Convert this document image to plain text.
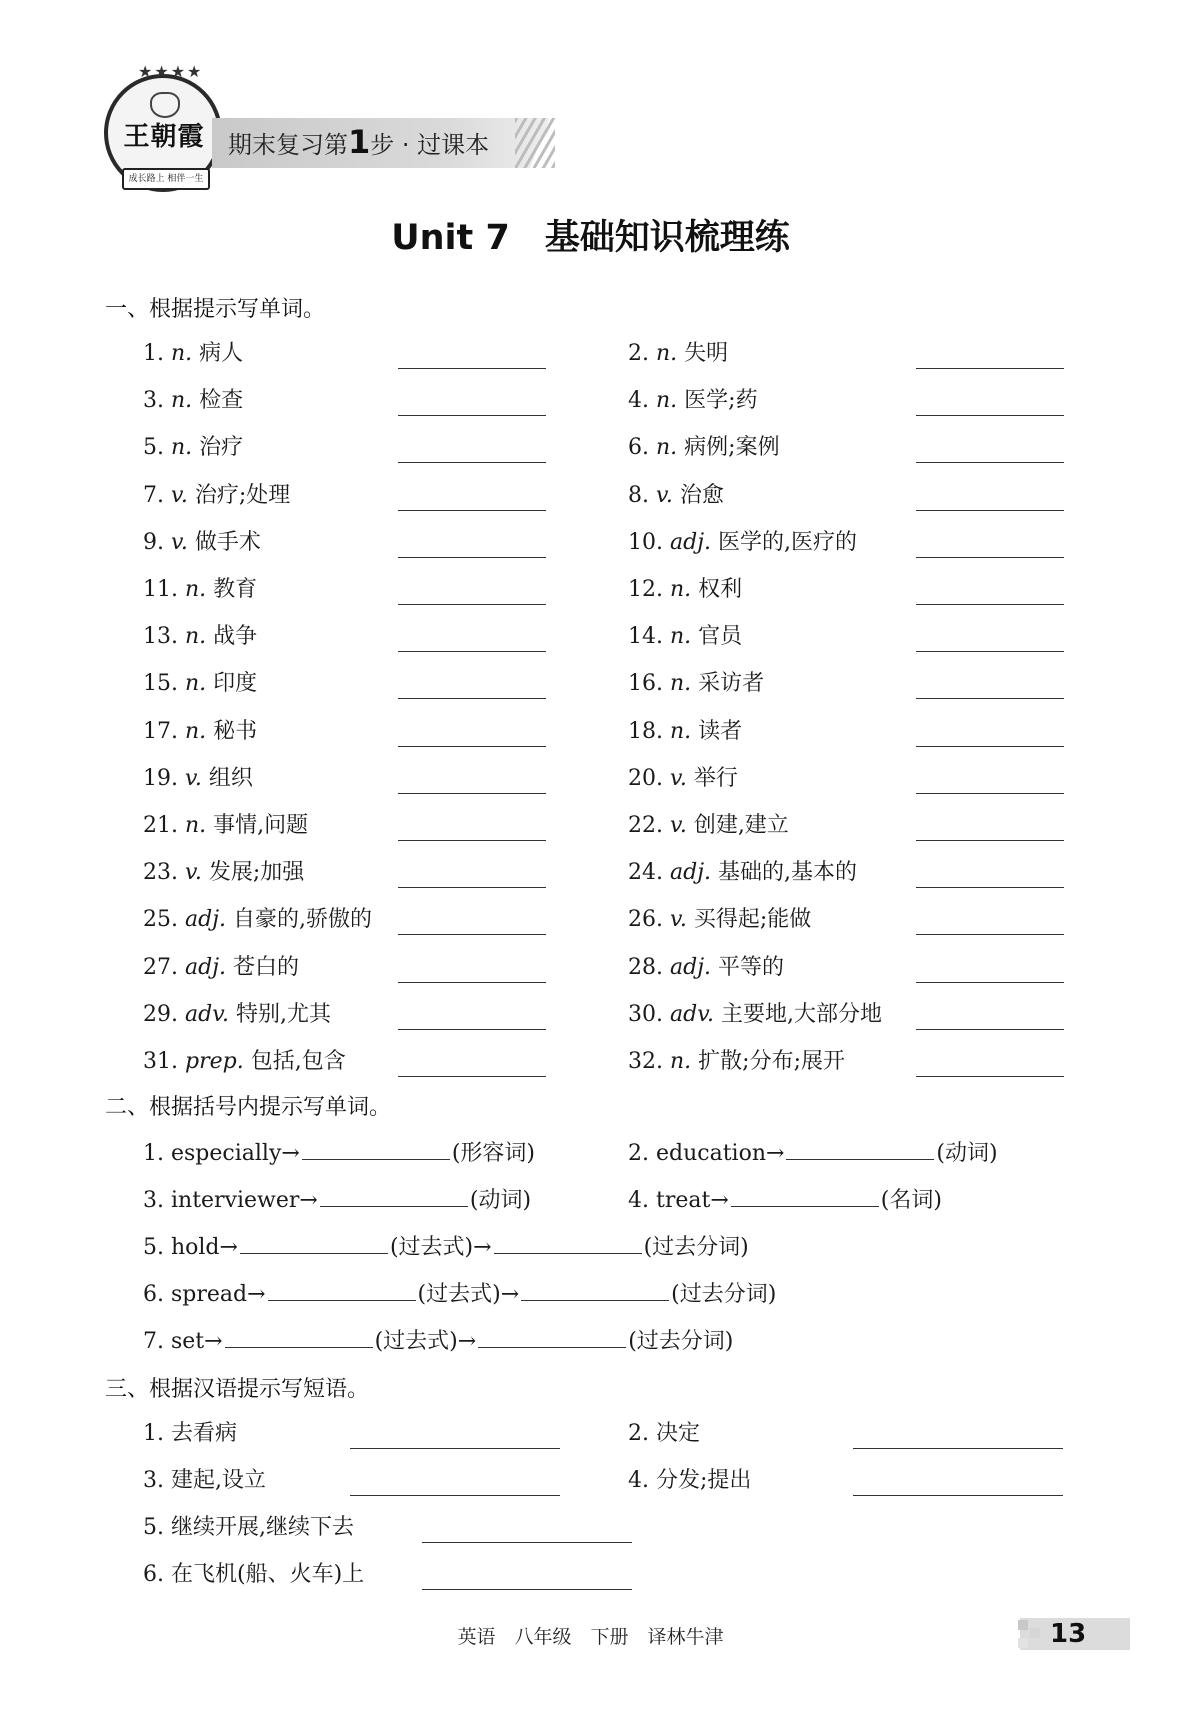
★★★★
王朝霞
成长路上 相伴一生
期末复习第1步 · 过课本
Unit 7　基础知识梳理练
一、根据提示写单词。
1. n. 病人	2. n. 失明
3. n. 检查	4. n. 医学;药
5. n. 治疗	6. n. 病例;案例
7. v. 治疗;处理	8. v. 治愈
9. v. 做手术	10. adj. 医学的,医疗的
11. n. 教育	12. n. 权利
13. n. 战争	14. n. 官员
15. n. 印度	16. n. 采访者
17. n. 秘书	18. n. 读者
19. v. 组织	20. v. 举行
21. n. 事情,问题	22. v. 创建,建立
23. v. 发展;加强	24. adj. 基础的,基本的
25. adj. 自豪的,骄傲的	26. v. 买得起;能做
27. adj. 苍白的	28. adj. 平等的
29. adv. 特别,尤其	30. adv. 主要地,大部分地
31. prep. 包括,包含	32. n. 扩散;分布;展开
二、根据括号内提示写单词。
1. especially→	(形容词)	2. education→	(动词)
3. interviewer→	(动词)	4. treat→	(名词)
5. hold→	(过去式)→	(过去分词)
6. spread→	(过去式)→	(过去分词)
7. set→	(过去式)→	(过去分词)
三、根据汉语提示写短语。
1. 去看病	2. 决定
3. 建起,设立	4. 分发;提出
5. 继续开展,继续下去
6. 在飞机(船、火车)上
英语　八年级　下册　译林牛津	13
